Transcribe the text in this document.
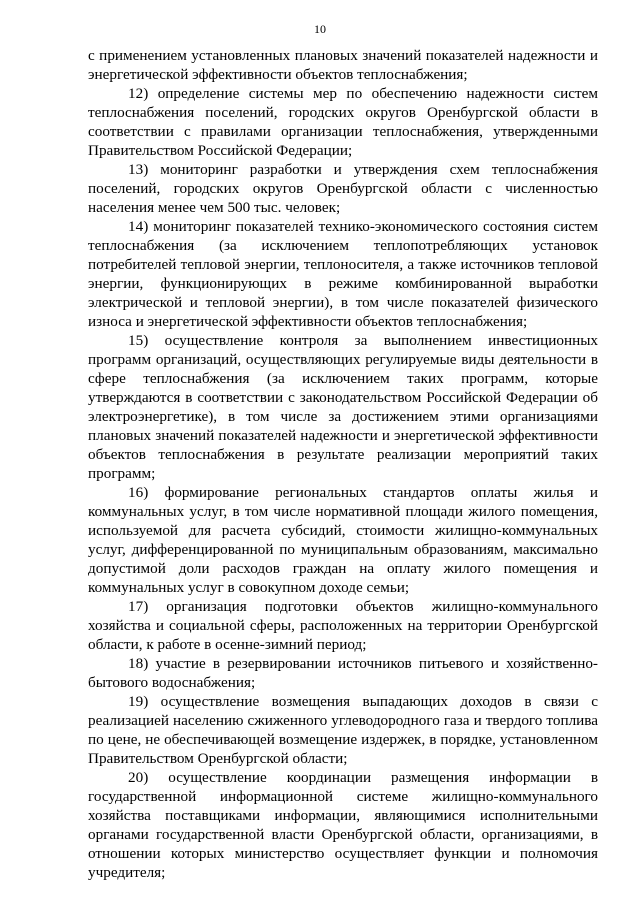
10

с применением установленных плановых значений показателей надежности и энергетической эффективности объектов теплоснабжения;

12) определение системы мер по обеспечению надежности систем теплоснабжения поселений, городских округов Оренбургской области в соответствии с правилами организации теплоснабжения, утвержденными Правительством Российской Федерации;

13) мониторинг разработки и утверждения схем теплоснабжения поселений, городских округов Оренбургской области с численностью населения менее чем 500 тыс. человек;

14) мониторинг показателей технико-экономического состояния систем теплоснабжения (за исключением теплопотребляющих установок потребителей тепловой энергии, теплоносителя, а также источников тепловой энергии, функционирующих в режиме комбинированной выработки электрической и тепловой энергии), в том числе показателей физического износа и энергетической эффективности объектов теплоснабжения;

15) осуществление контроля за выполнением инвестиционных программ организаций, осуществляющих регулируемые виды деятельности в сфере теплоснабжения (за исключением таких программ, которые утверждаются в соответствии с законодательством Российской Федерации об электроэнергетике), в том числе за достижением этими организациями плановых значений показателей надежности и энергетической эффективности объектов теплоснабжения в результате реализации мероприятий таких программ;

16) формирование региональных стандартов оплаты жилья и коммунальных услуг, в том числе нормативной площади жилого помещения, используемой для расчета субсидий, стоимости жилищно-коммунальных услуг, дифференцированной по муниципальным образованиям, максимально допустимой доли расходов граждан на оплату жилого помещения и коммунальных услуг в совокупном доходе семьи;

17) организация подготовки объектов жилищно-коммунального хозяйства и социальной сферы, расположенных на территории Оренбургской области, к работе в осенне-зимний период;

18) участие в резервировании источников питьевого и хозяйственно-бытового водоснабжения;

19) осуществление возмещения выпадающих доходов в связи с реализацией населению сжиженного углеводородного газа и твердого топлива по цене, не обеспечивающей возмещение издержек, в порядке, установленном Правительством Оренбургской области;

20) осуществление координации размещения информации в государственной информационной системе жилищно-коммунального хозяйства поставщиками информации, являющимися исполнительными органами государственной власти Оренбургской области, организациями, в отношении которых министерство осуществляет функции и полномочия учредителя;
